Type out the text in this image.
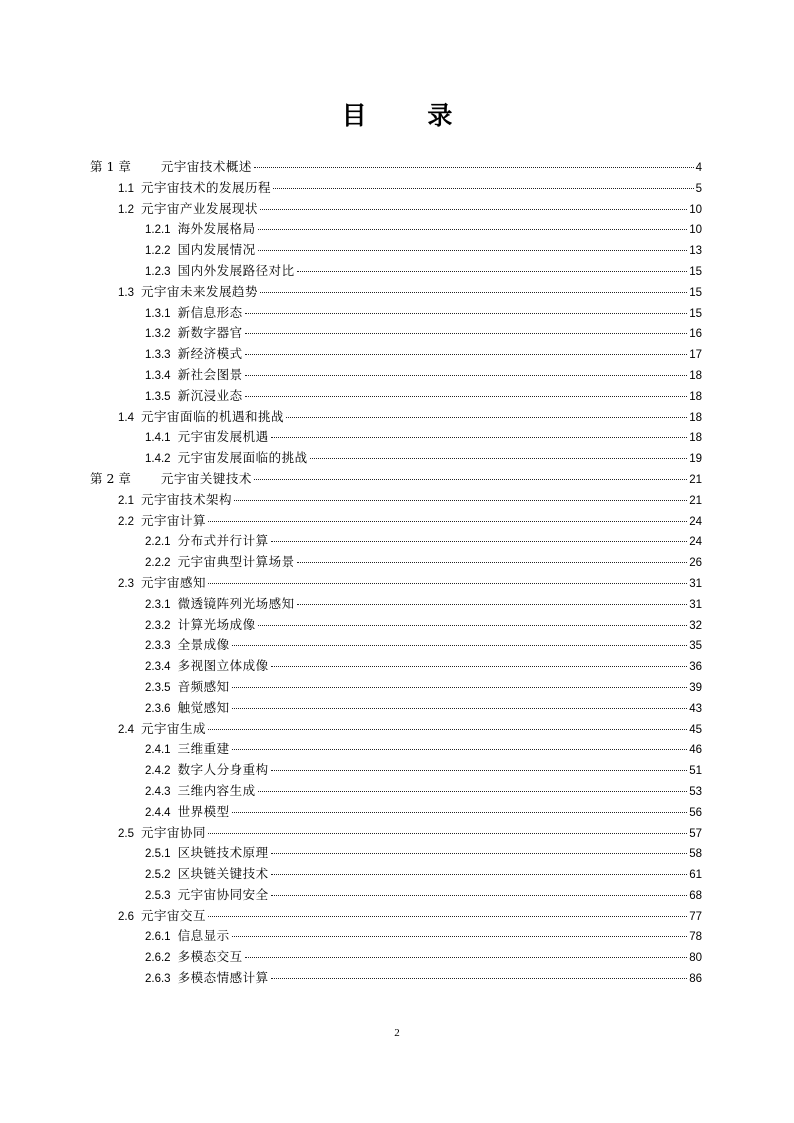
目 录
第 1 章 元宇宙技术概述	4
1.1 元宇宙技术的发展历程	5
1.2 元宇宙产业发展现状	10
1.2.1 海外发展格局	10
1.2.2 国内发展情况	13
1.2.3 国内外发展路径对比	15
1.3 元宇宙未来发展趋势	15
1.3.1 新信息形态	15
1.3.2 新数字器官	16
1.3.3 新经济模式	17
1.3.4 新社会图景	18
1.3.5 新沉浸业态	18
1.4 元宇宙面临的机遇和挑战	18
1.4.1 元宇宙发展机遇	18
1.4.2 元宇宙发展面临的挑战	19
第 2 章 元宇宙关键技术	21
2.1 元宇宙技术架构	21
2.2 元宇宙计算	24
2.2.1 分布式并行计算	24
2.2.2 元宇宙典型计算场景	26
2.3 元宇宙感知	31
2.3.1 微透镜阵列光场感知	31
2.3.2 计算光场成像	32
2.3.3 全景成像	35
2.3.4 多视图立体成像	36
2.3.5 音频感知	39
2.3.6 触觉感知	43
2.4 元宇宙生成	45
2.4.1 三维重建	46
2.4.2 数字人分身重构	51
2.4.3 三维内容生成	53
2.4.4 世界模型	56
2.5 元宇宙协同	57
2.5.1 区块链技术原理	58
2.5.2 区块链关键技术	61
2.5.3 元宇宙协同安全	68
2.6 元宇宙交互	77
2.6.1 信息显示	78
2.6.2 多模态交互	80
2.6.3 多模态情感计算	86
2
